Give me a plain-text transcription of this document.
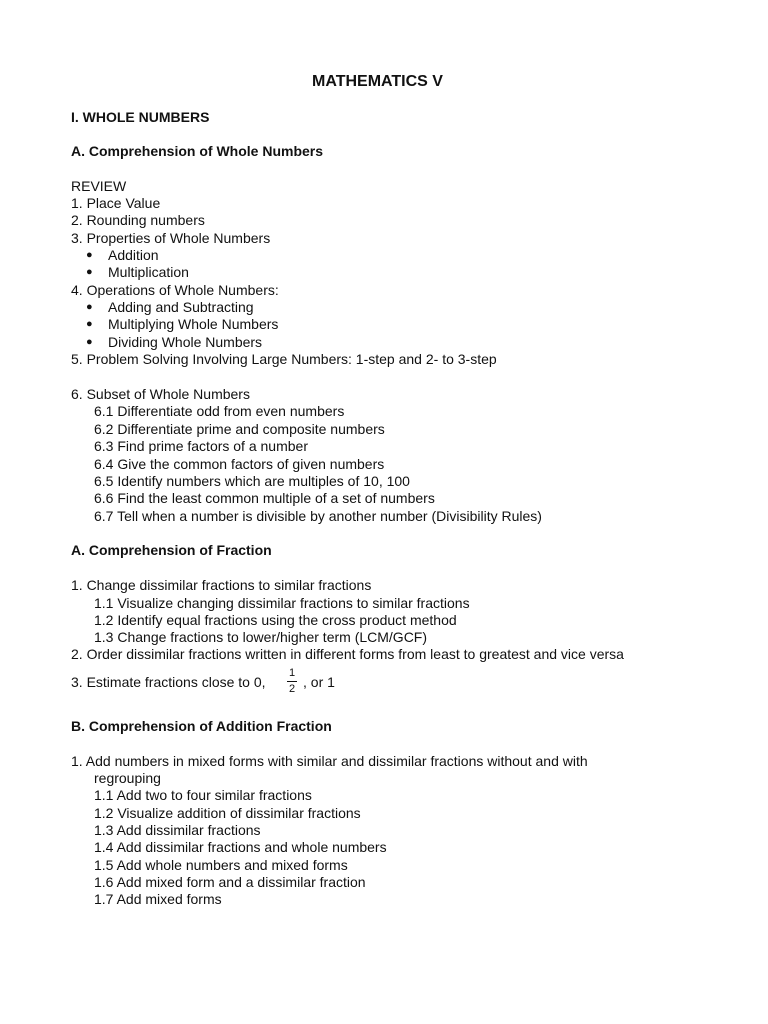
MATHEMATICS V
I. WHOLE NUMBERS
A. Comprehension of Whole Numbers
REVIEW
1. Place Value
2. Rounding numbers
3. Properties of Whole Numbers
● Addition
● Multiplication
4. Operations of Whole Numbers:
● Adding and Subtracting
● Multiplying Whole Numbers
● Dividing Whole Numbers
5. Problem Solving Involving Large Numbers: 1-step and 2- to 3-step
6. Subset of Whole Numbers
6.1 Differentiate odd from even numbers
6.2 Differentiate prime and composite numbers
6.3 Find prime factors of a number
6.4 Give the common factors of given numbers
6.5 Identify numbers which are multiples of 10, 100
6.6 Find the least common multiple of a set of numbers
6.7 Tell when a number is divisible by another number (Divisibility Rules)
A. Comprehension of Fraction
1. Change dissimilar fractions to similar fractions
1.1 Visualize changing dissimilar fractions to similar fractions
1.2 Identify equal fractions using the cross product method
1.3 Change fractions to lower/higher term (LCM/GCF)
2. Order dissimilar fractions written in different forms from least to greatest and vice versa
3. Estimate fractions close to 0,
1
2 , or 1
B. Comprehension of Addition Fraction
1. Add numbers in mixed forms with similar and dissimilar fractions without and with
regrouping
1.1 Add two to four similar fractions
1.2 Visualize addition of dissimilar fractions
1.3 Add dissimilar fractions
1.4 Add dissimilar fractions and whole numbers
1.5 Add whole numbers and mixed forms
1.6 Add mixed form and a dissimilar fraction
1.7 Add mixed forms
